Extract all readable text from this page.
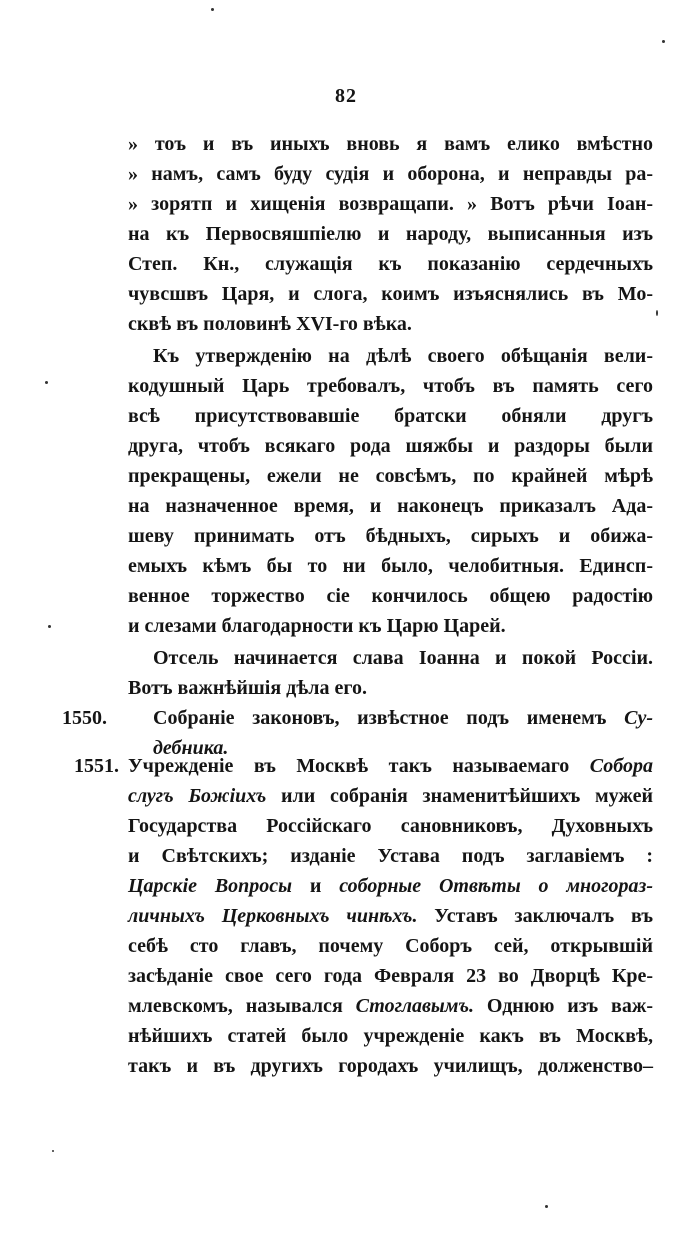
82
» тоъ и въ иныхъ вновь я вамъ елико вмѣстно
» намъ, самъ буду судія и оборона, и неправды ра-
» зорятп и хищенія возвращапи. » Вотъ рѣчи Іоан-
на къ Первосвяшпіелю и народу, выписанныя изъ
Степ. Кн., служащія къ показанію сердечныхъ
чувсшвъ Царя, и слога, коимъ изъяснялись въ Мо-
сквѣ въ половинѣ XVI-го вѣка.
Къ утвержденію на дѣлѣ своего обѣщанія вели-
кодушный Царь требовалъ, чтобъ въ память сего
всѣ присутствовавшіе братски обняли другъ
друга, чтобъ всякаго рода шяжбы и раздоры были
прекращены, ежели не совсѣмъ, по крайней мѣрѣ
на назначенное время, и наконецъ приказалъ Ада-
шеву принимать отъ бѣдныхъ, сирыхъ и обижа-
емыхъ кѣмъ бы то ни было, челобитныя. Единсп-
венное торжество сіе кончилось общею радостію
и слезами благодарности къ Царю Царей.
Отсель начинается слава Іоанна и покой Россіи.
Вотъ важнѣйшія дѣла его.
1550. Собраніе законовъ, извѣстное подъ именемъ Су-
дебника.
1551. Учрежденіе въ Москвѣ такъ называемаго Собора
слугъ Божіихъ или собранія знаменитѣйшихъ мужей
Государства Россійскаго сановниковъ, Духовныхъ
и Свѣтскихъ; изданіе Устава подъ заглавіемъ :
Царскіе Вопросы и соборные Отвѣты о многораз-
личныхъ Церковныхъ чинѣхъ. Уставъ заключалъ въ
себѣ сто главъ, почему Соборъ сей, открывшій
засѣданіе свое сего года Февраля 23 во Дворцѣ Кре-
млевскомъ, назывался Стоглавымъ. Однюю изъ важ-
нѣйшихъ статей было учрежденіе какъ въ Москвѣ,
такъ и въ другихъ городахъ училищъ, долженство–
